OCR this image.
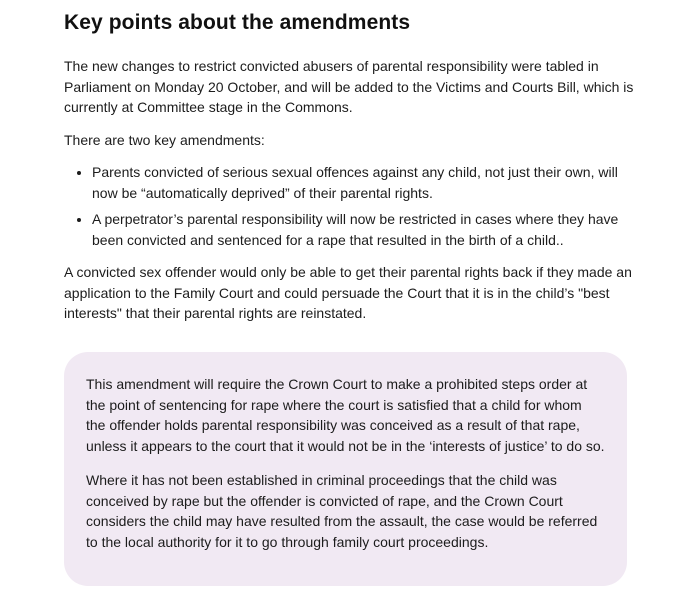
Key points about the amendments

The new changes to restrict convicted abusers of parental responsibility were tabled in Parliament on Monday 20 October, and will be added to the Victims and Courts Bill, which is currently at Committee stage in the Commons.

There are two key amendments:

• Parents convicted of serious sexual offences against any child, not just their own, will now be “automatically deprived” of their parental rights.
• A perpetrator’s parental responsibility will now be restricted in cases where they have been convicted and sentenced for a rape that resulted in the birth of a child..

A convicted sex offender would only be able to get their parental rights back if they made an application to the Family Court and could persuade the Court that it is in the child’s "best interests" that their parental rights are reinstated.

This amendment will require the Crown Court to make a prohibited steps order at the point of sentencing for rape where the court is satisfied that a child for whom the offender holds parental responsibility was conceived as a result of that rape, unless it appears to the court that it would not be in the ‘interests of justice’ to do so.

Where it has not been established in criminal proceedings that the child was conceived by rape but the offender is convicted of rape, and the Crown Court considers the child may have resulted from the assault, the case would be referred to the local authority for it to go through family court proceedings.
